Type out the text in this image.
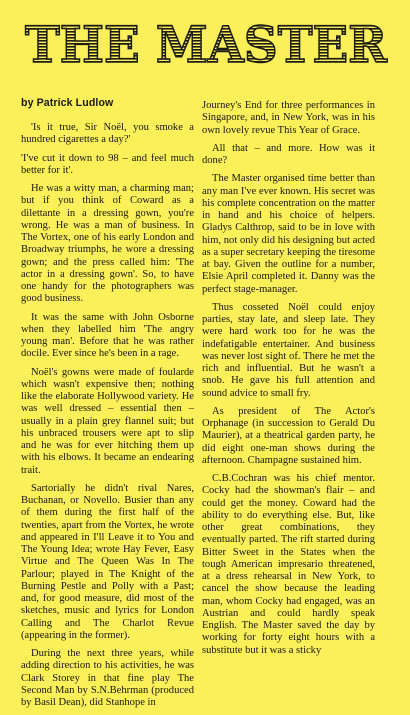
THE MASTER
by Patrick Ludlow

'Is it true, Sir Noël, you smoke a hundred cigarettes a day?'

'I've cut it down to 98 – and feel much better for it'.

He was a witty man, a charming man; but if you think of Coward as a dilettante in a dressing gown, you're wrong. He was a man of business. In The Vortex, one of his early London and Broadway triumphs, he wore a dressing gown; and the press called him: 'The actor in a dressing gown'. So, to have one handy for the photographers was good business.

It was the same with John Osborne when they labelled him 'The angry young man'. Before that he was rather docile. Ever since he's been in a rage.

Noël's gowns were made of foularde which wasn't expensive then; nothing like the elaborate Hollywood variety. He was well dressed – essential then – usually in a plain grey flannel suit; but his unbraced trousers were apt to slip and he was for ever hitching them up with his elbows. It became an endearing trait.

Sartorially he didn't rival Nares, Buchanan, or Novello. Busier than any of them during the first half of the twenties, apart from the Vortex, he wrote and appeared in I'll Leave it to You and The Young Idea; wrote Hay Fever, Easy Virtue and The Queen Was In The Parlour; played in The Knight of the Burning Pestle and Polly with a Past; and, for good measure, did most of the sketches, music and lyrics for London Calling and The Charlot Revue (appearing in the former).

During the next three years, while adding direction to his activities, he was Clark Storey in that fine play The Second Man by S.N.Behrman (produced by Basil Dean), did Stanhope in

Journey's End for three performances in Singapore, and, in New York, was in his own lovely revue This Year of Grace.

All that – and more. How was it done?

The Master organised time better than any man I've ever known. His secret was his complete concentration on the matter in hand and his choice of helpers. Gladys Calthrop, said to be in love with him, not only did his designing but acted as a super secretary keeping the tiresome at bay. Given the outline for a number, Elsie April completed it. Danny was the perfect stage-manager.

Thus cosseted Noël could enjoy parties, stay late, and sleep late. They were hard work too for he was the indefatigable entertainer. And business was never lost sight of. There he met the rich and influential. But he wasn't a snob. He gave his full attention and sound advice to small fry.

As president of The Actor's Orphanage (in succession to Gerald Du Maurier), at a theatrical garden party, he did eight one-man shows during the afternoon. Champagne sustained him.

C.B.Cochran was his chief mentor. Cocky had the showman's flair – and could get the money. Coward had the ability to do everything else. But, like other great combinations, they eventually parted. The rift started during Bitter Sweet in the States when the tough American impresario threatened, at a dress rehearsal in New York, to cancel the show because the leading man, whom Cocky had engaged, was an Austrian and could hardly speak English. The Master saved the day by working for forty eight hours with a substitute but it was a sticky
